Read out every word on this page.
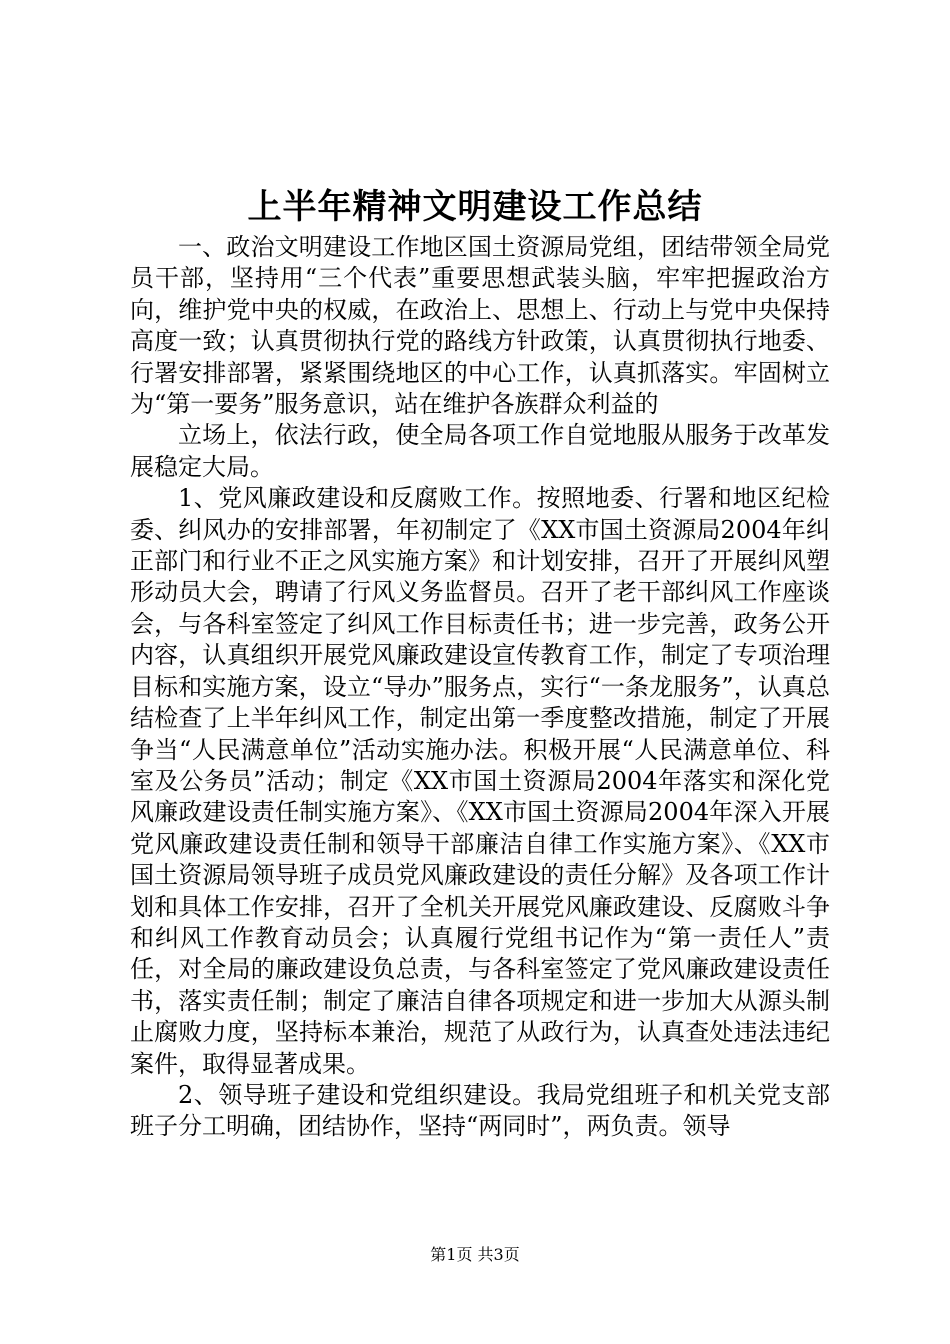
上半年精神文明建设工作总结

一、政治文明建设工作地区国土资源局党组，团结带领全局党员干部，坚持用“三个代表”重要思想武装头脑，牢牢把握政治方向，维护党中央的权威，在政治上、思想上、行动上与党中央保持高度一致；认真贯彻执行党的路线方针政策，认真贯彻执行地委、行署安排部署，紧紧围绕地区的中心工作，认真抓落实。牢固树立为“第一要务”服务意识，站在维护各族群众利益的

立场上，依法行政，使全局各项工作自觉地服从服务于改革发展稳定大局。

1、党风廉政建设和反腐败工作。按照地委、行署和地区纪检委、纠风办的安排部署，年初制定了《XX市国土资源局2004年纠正部门和行业不正之风实施方案》和计划安排，召开了开展纠风塑形动员大会，聘请了行风义务监督员。召开了老干部纠风工作座谈会，与各科室签定了纠风工作目标责任书；进一步完善，政务公开内容，认真组织开展党风廉政建设宣传教育工作，制定了专项治理目标和实施方案，设立“导办”服务点，实行“一条龙服务”，认真总结检查了上半年纠风工作，制定出第一季度整改措施，制定了开展争当“人民满意单位”活动实施办法。积极开展“人民满意单位、科室及公务员”活动；制定《XX市国土资源局2004年落实和深化党风廉政建设责任制实施方案》、《XX市国土资源局2004年深入开展党风廉政建设责任制和领导干部廉洁自律工作实施方案》、《XX市国土资源局领导班子成员党风廉政建设的责任分解》及各项工作计划和具体工作安排，召开了全机关开展党风廉政建设、反腐败斗争和纠风工作教育动员会；认真履行党组书记作为“第一责任人”责任，对全局的廉政建设负总责，与各科室签定了党风廉政建设责任书，落实责任制；制定了廉洁自律各项规定和进一步加大从源头制止腐败力度，坚持标本兼治，规范了从政行为，认真查处违法违纪案件，取得显著成果。

2、领导班子建设和党组织建设。我局党组班子和机关党支部班子分工明确，团结协作，坚持“两同时”，两负责。领导

第1页 共3页
